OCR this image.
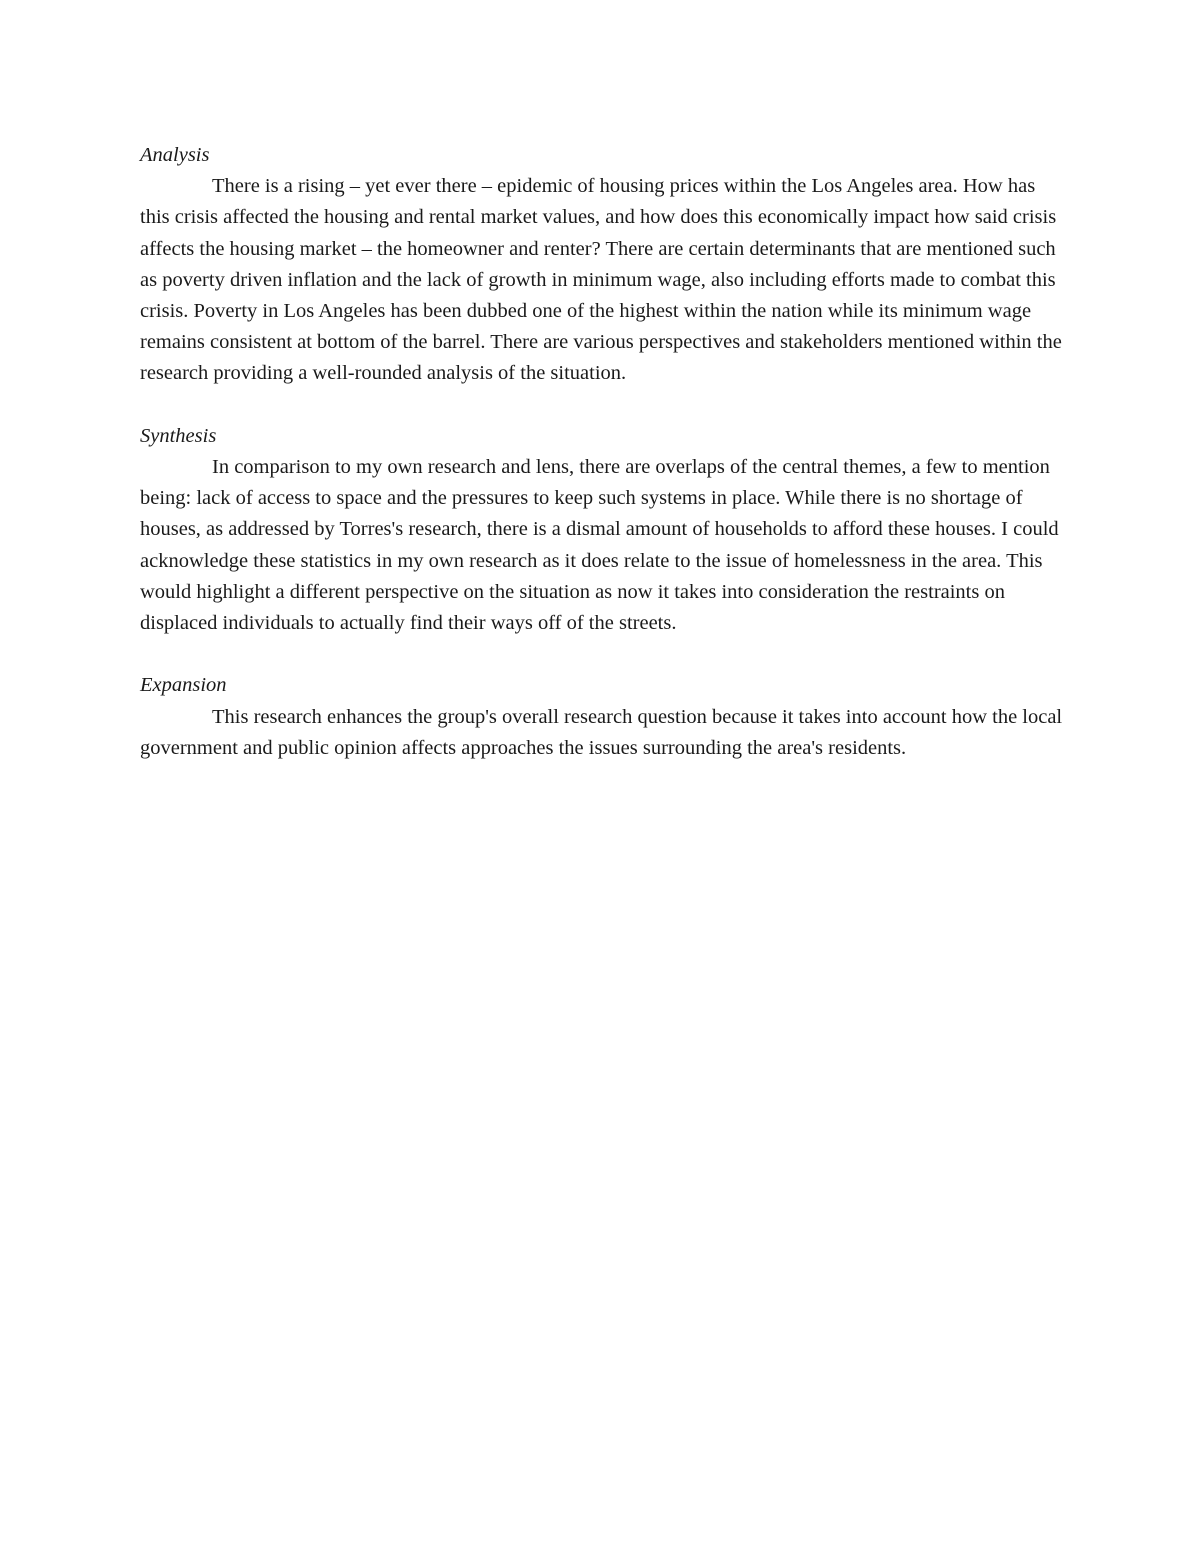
Analysis

There is a rising – yet ever there – epidemic of housing prices within the Los Angeles area. How has this crisis affected the housing and rental market values, and how does this economically impact how said crisis affects the housing market – the homeowner and renter? There are certain determinants that are mentioned such as poverty driven inflation and the lack of growth in minimum wage, also including efforts made to combat this crisis. Poverty in Los Angeles has been dubbed one of the highest within the nation while its minimum wage remains consistent at bottom of the barrel. There are various perspectives and stakeholders mentioned within the research providing a well-rounded analysis of the situation.

Synthesis

In comparison to my own research and lens, there are overlaps of the central themes, a few to mention being: lack of access to space and the pressures to keep such systems in place. While there is no shortage of houses, as addressed by Torres's research, there is a dismal amount of households to afford these houses. I could acknowledge these statistics in my own research as it does relate to the issue of homelessness in the area. This would highlight a different perspective on the situation as now it takes into consideration the restraints on displaced individuals to actually find their ways off of the streets.

Expansion

This research enhances the group's overall research question because it takes into account how the local government and public opinion affects approaches the issues surrounding the area's residents.
